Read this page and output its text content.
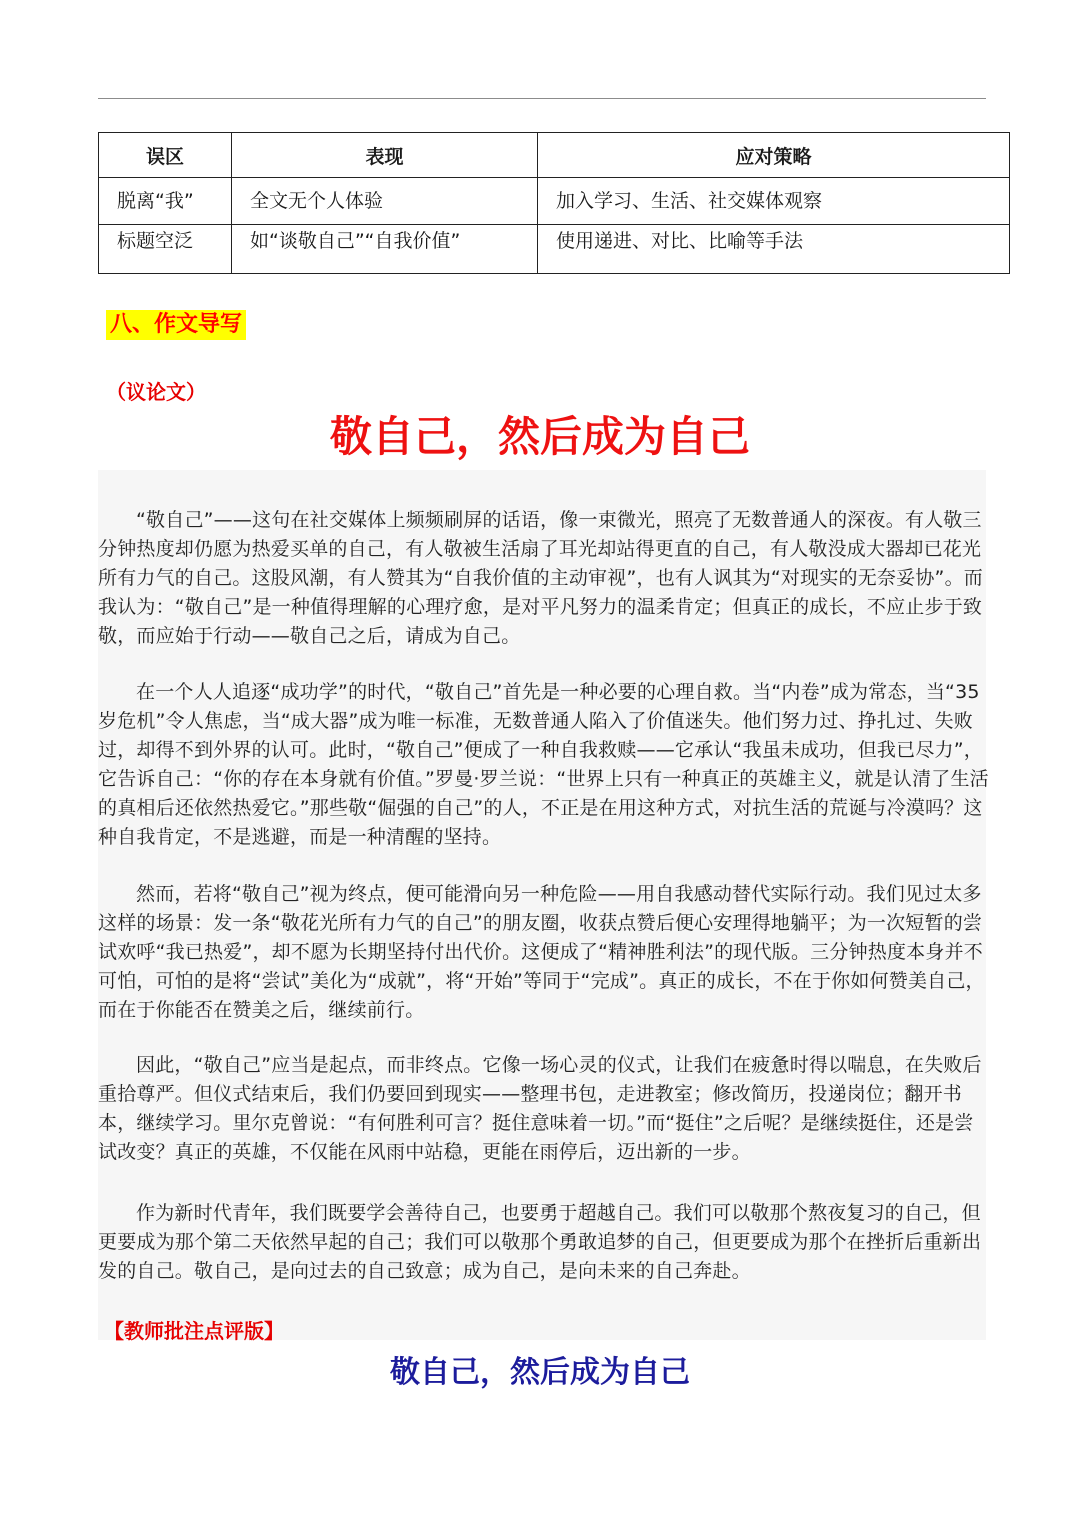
误区	表现	应对策略
脱离“我”	全文无个人体验	加入学习、生活、社交媒体观察
标题空泛	如“谈敬自己”“自我价值”	使用递进、对比、比喻等手法
八、作文导写
（议论文）
敬自己，然后成为自己

“敬自己”——这句在社交媒体上频频刷屏的话语，像一束微光，照亮了无数普通人的深夜。有人敬三分钟热度却仍愿为热爱买单的自己，有人敬被生活扇了耳光却站得更直的自己，有人敬没成大器却已花光所有力气的自己。这股风潮，有人赞其为“自我价值的主动审视”，也有人讽其为“对现实的无奈妥协”。而我认为：“敬自己”是一种值得理解的心理疗愈，是对平凡努力的温柔肯定；但真正的成长，不应止步于致敬，而应始于行动——敬自己之后，请成为自己。

在一个人人追逐“成功学”的时代，“敬自己”首先是一种必要的心理自救。当“内卷”成为常态，当“35岁危机”令人焦虑，当“成大器”成为唯一标准，无数普通人陷入了价值迷失。他们努力过、挣扎过、失败过，却得不到外界的认可。此时，“敬自己”便成了一种自我救赎——它承认“我虽未成功，但我已尽力”，它告诉自己：“你的存在本身就有价值。”罗曼·罗兰说：“世界上只有一种真正的英雄主义，就是认清了生活的真相后还依然热爱它。”那些敬“倔强的自己”的人，不正是在用这种方式，对抗生活的荒诞与冷漠吗？这种自我肯定，不是逃避，而是一种清醒的坚持。

然而，若将“敬自己”视为终点，便可能滑向另一种危险——用自我感动替代实际行动。我们见过太多这样的场景：发一条“敬花光所有力气的自己”的朋友圈，收获点赞后便心安理得地躺平；为一次短暂的尝试欢呼“我已热爱”，却不愿为长期坚持付出代价。这便成了“精神胜利法”的现代版。三分钟热度本身并不可怕，可怕的是将“尝试”美化为“成就”，将“开始”等同于“完成”。真正的成长，不在于你如何赞美自己，而在于你能否在赞美之后，继续前行。

因此，“敬自己”应当是起点，而非终点。它像一场心灵的仪式，让我们在疲惫时得以喘息，在失败后重拾尊严。但仪式结束后，我们仍要回到现实——整理书包，走进教室；修改简历，投递岗位；翻开书本，继续学习。里尔克曾说：“有何胜利可言？挺住意味着一切。”而“挺住”之后呢？是继续挺住，还是尝试改变？真正的英雄，不仅能在风雨中站稳，更能在雨停后，迈出新的一步。

作为新时代青年，我们既要学会善待自己，也要勇于超越自己。我们可以敬那个熬夜复习的自己，但更要成为那个第二天依然早起的自己；我们可以敬那个勇敢追梦的自己，但更要成为那个在挫折后重新出发的自己。敬自己，是向过去的自己致意；成为自己，是向未来的自己奔赴。

【教师批注点评版】
敬自己，然后成为自己
